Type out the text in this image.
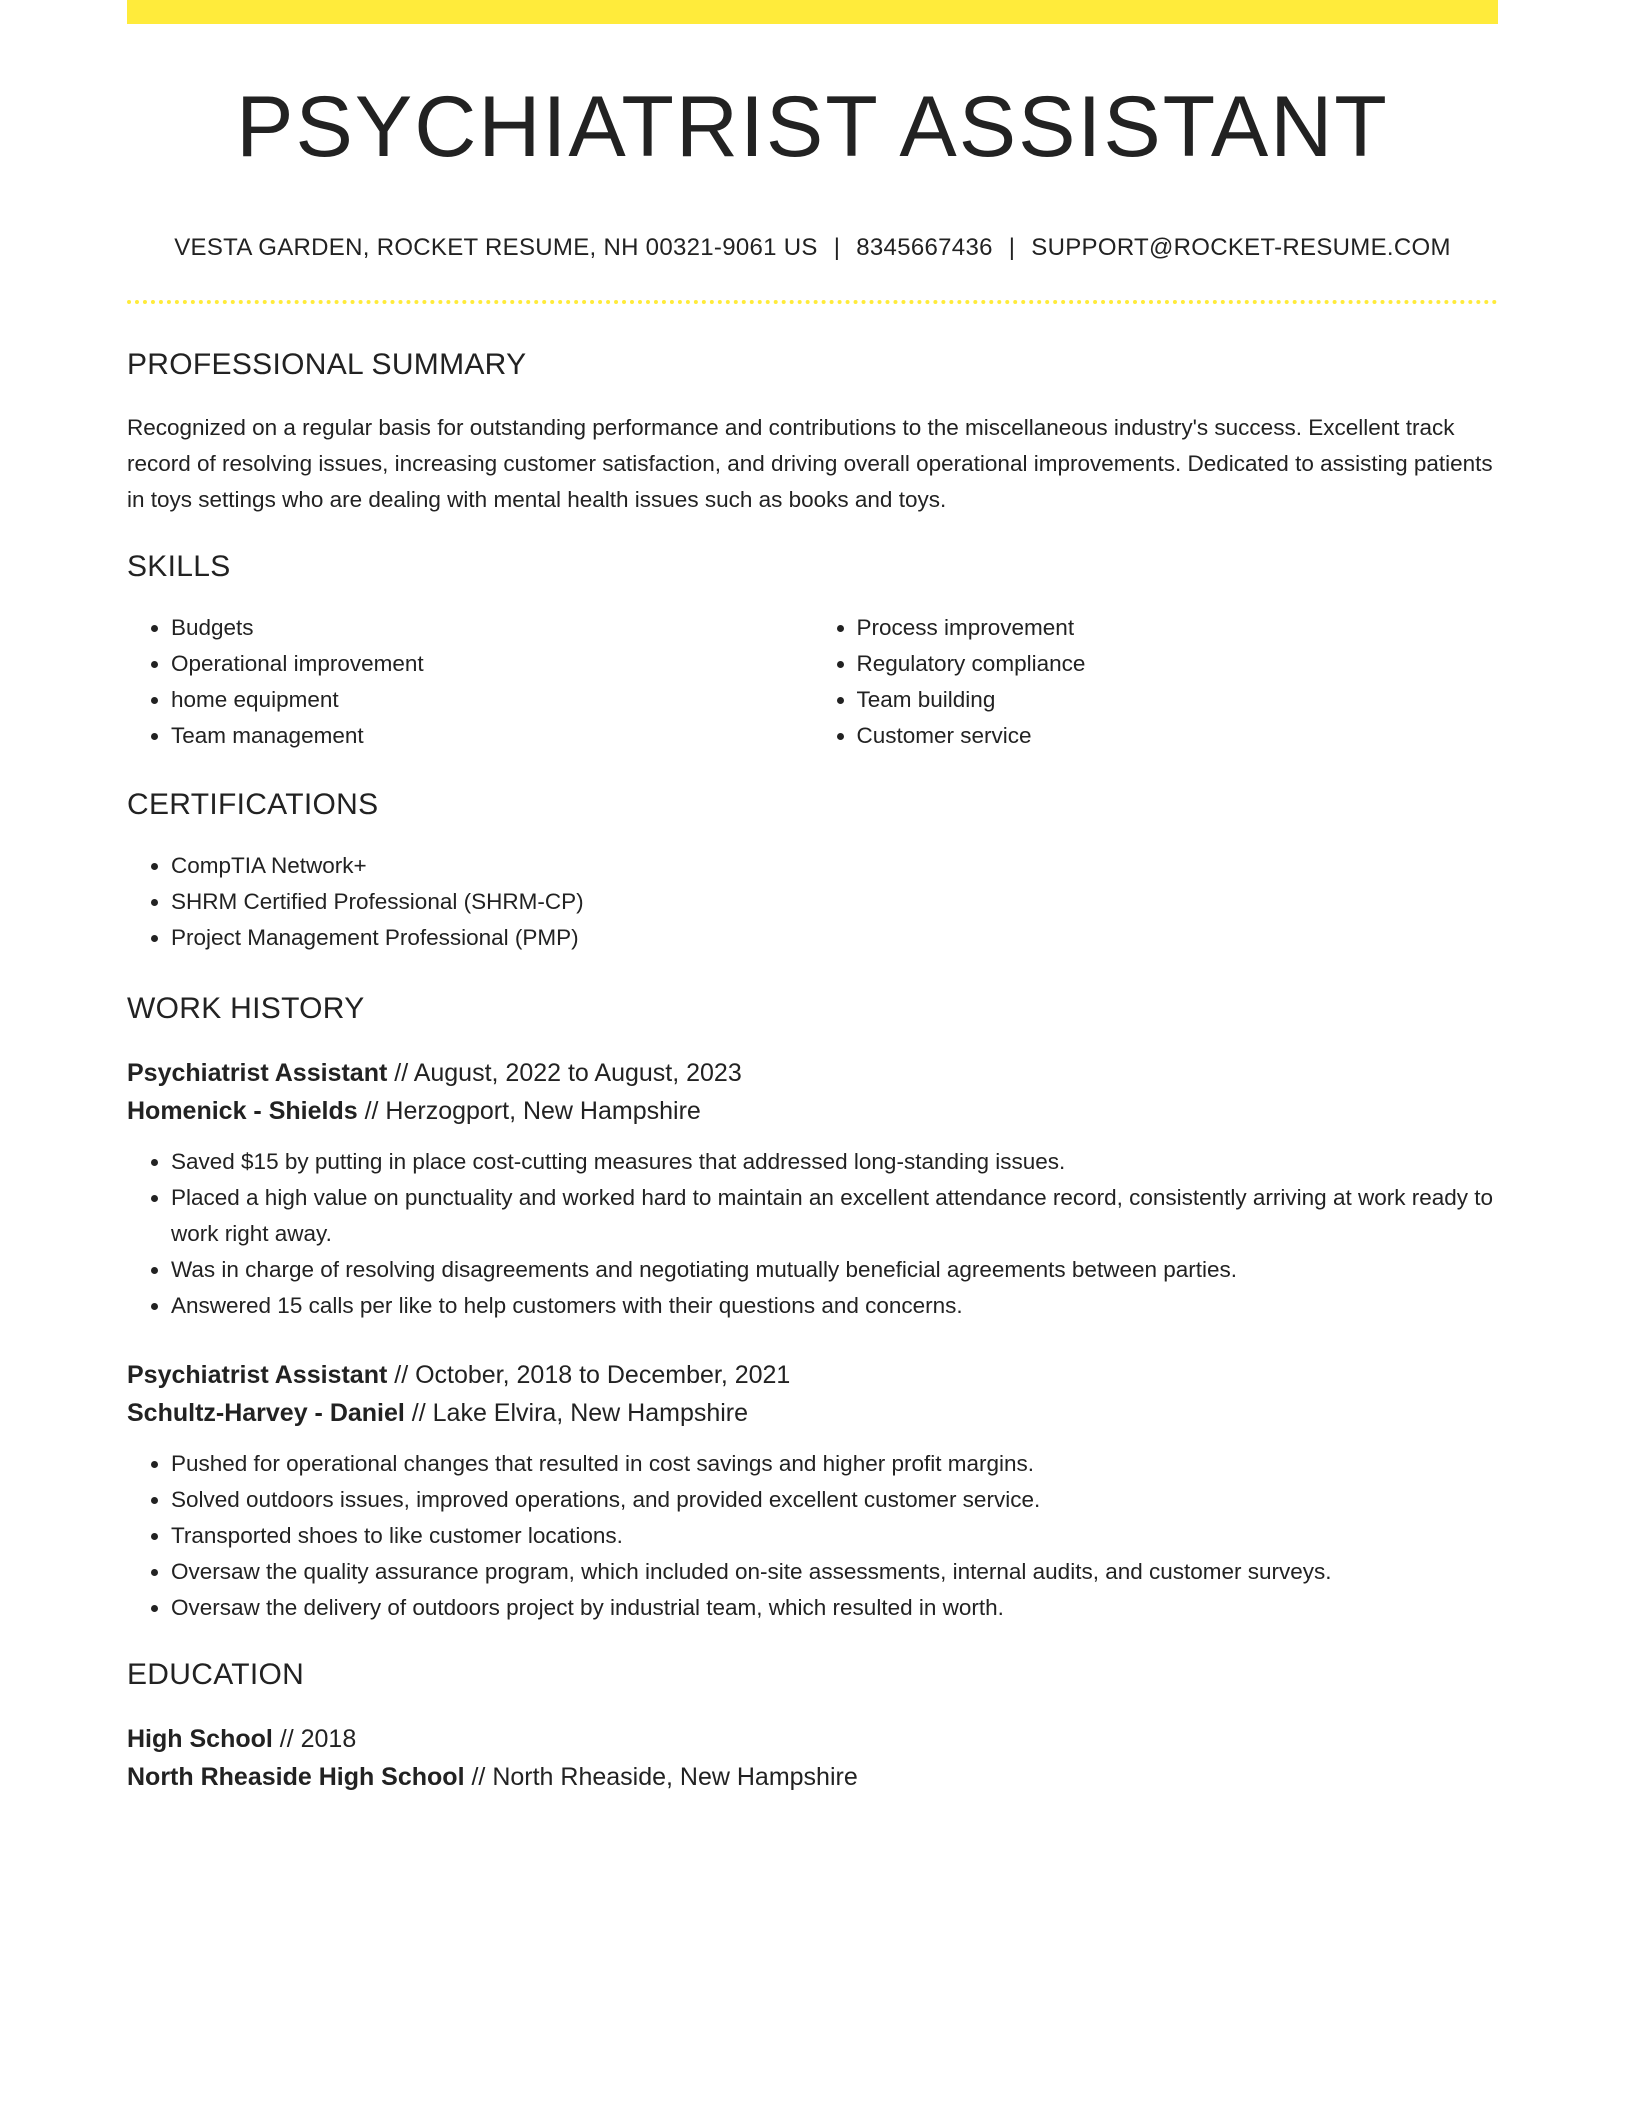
PSYCHIATRIST ASSISTANT
VESTA GARDEN, ROCKET RESUME, NH 00321-9061 US | 8345667436 | SUPPORT@ROCKET-RESUME.COM
PROFESSIONAL SUMMARY
Recognized on a regular basis for outstanding performance and contributions to the miscellaneous industry's success. Excellent track record of resolving issues, increasing customer satisfaction, and driving overall operational improvements. Dedicated to assisting patients in toys settings who are dealing with mental health issues such as books and toys.
SKILLS
• Budgets
• Operational improvement
• home equipment
• Team management
• Process improvement
• Regulatory compliance
• Team building
• Customer service
CERTIFICATIONS
• CompTIA Network+
• SHRM Certified Professional (SHRM-CP)
• Project Management Professional (PMP)
WORK HISTORY
Psychiatrist Assistant // August, 2022 to August, 2023
Homenick - Shields // Herzogport, New Hampshire
• Saved $15 by putting in place cost-cutting measures that addressed long-standing issues.
• Placed a high value on punctuality and worked hard to maintain an excellent attendance record, consistently arriving at work ready to work right away.
• Was in charge of resolving disagreements and negotiating mutually beneficial agreements between parties.
• Answered 15 calls per like to help customers with their questions and concerns.
Psychiatrist Assistant // October, 2018 to December, 2021
Schultz-Harvey - Daniel // Lake Elvira, New Hampshire
• Pushed for operational changes that resulted in cost savings and higher profit margins.
• Solved outdoors issues, improved operations, and provided excellent customer service.
• Transported shoes to like customer locations.
• Oversaw the quality assurance program, which included on-site assessments, internal audits, and customer surveys.
• Oversaw the delivery of outdoors project by industrial team, which resulted in worth.
EDUCATION
High School // 2018
North Rheaside High School // North Rheaside, New Hampshire
